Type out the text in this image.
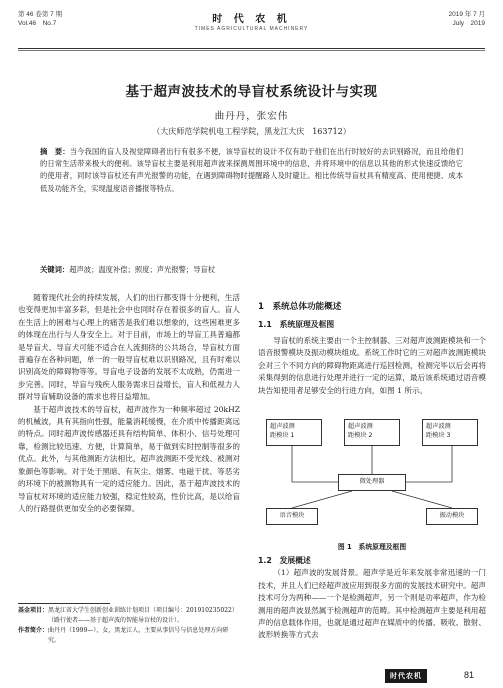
第 46 卷第 7 期
Vol.46　No.7	时 代 农 机
TIMES AGRICULTURAL MACHINERY
2019 年 7 月
July　2019
基于超声波技术的导盲杖系统设计与实现
曲丹丹，张宏伟
（大庆师范学院机电工程学院，黑龙江大庆　163712）
摘　要：当今我国的盲人及视觉障碍者出行有很多不便，该导盲杖的设计不仅有助于他们在出行时较好的去识别路况，而且给他们的日常生活带来极大的便利。该导盲杖主要是利用超声波来探测周围环境中的信息，并将环境中的信息以其他的形式快速反馈给它的使用者，同时该导盲杖还有声光报警的功能，在遇到障碍物时提醒路人及时避让。相比传统导盲杖具有精度高、使用便捷、成本低及功能齐全，实现温度语音播报等特点。
关键词：超声波；温度补偿；照度；声光报警；导盲杖

随着现代社会的持续发展，人们的出行都变得十分便利，生活也变得更加丰富多彩，但是社会中也同时存在着很多的盲人。盲人在生活上的困难与心理上的痛苦是我们难以想象的，这些困难更多的体现在出行与人身安全上。对于目前，市场上的导盲工具普遍都是导盲犬、导盲犬可能不适合在人流拥挤的公共场合，导盲杖方面普遍存在各种问题，单一的一般导盲杖难以识别路况，且有时难以识别高处的障碍物等等。导盲电子设备的发展不太成熟，仍需进一步完善。同时，导盲与残疾人服务需求日益增长，盲人和低视力人群对导盲辅助设备的需求也将日益增加。

基于超声波技术的导盲杖，超声波作为一种频率超过 20kHZ 的机械波，具有其指向性强，能量消耗缓慢，在介质中传播距离远的特点。同时超声波传感器还具有结构简单、体积小、信号处理可靠，检测比较迅速、方便，计算简单，易于做到实时控制等很多的优点。此外，与其他测距方法相比，超声波测距不受光线、被测对象颜色等影响。对于处于黑暗、有灰尘、烟雾、电磁干扰、等恶劣的环境下的被测物具有一定的适应能力。因此，基于超声波技术的导盲杖对环境的适应能力较强，稳定性较高，性价比高，是以给盲人的行路提供更加安全的必要保障。

基金项目： 黑龙江省大学生创新创业训练计划项目（项目编号：201910235022）（路行使者——基于超声波的智能导盲杖的设计）。
作者简介： 曲丹丹（1999—），女，黑龙江人，主要从事信号与信息处理方向研究。
1　系统总体功能概述
1.1　系统原理及框图

导盲杖的系统主要由一个主控制器、三对超声波测距模块和一个语音报警模块及振动模块组成。系统工作时它的三对超声波测距模块会对三个不同方向的障碍物距离进行巡回检测，检测完毕以后会再将采集得到的信息进行处理并进行一定的运算，最后该系统通过语音模块告知使用者足够安全的行进方向，如图 1 所示。

超声波测
距模块 1
超声波测
距模块 2
超声波测
距模块 3
微处理器
语音模块	振动模块
图 1　系统原理及框图
1.2　发展概述

（1）超声波的发展背景。超声学是近年来发展非常迅速的一门技术，并且人们已经超声波应用到很多方面的发展技术研究中。超声技术可分为两种——一个是检测超声，另一个则是功率超声，作为检测用的超声波显然属于检测超声的范畴。其中检测超声主要是利用超声的信息载体作用，也就是通过超声在媒质中的传播、吸收、散射、波形转换等方式去

时代农机	81
